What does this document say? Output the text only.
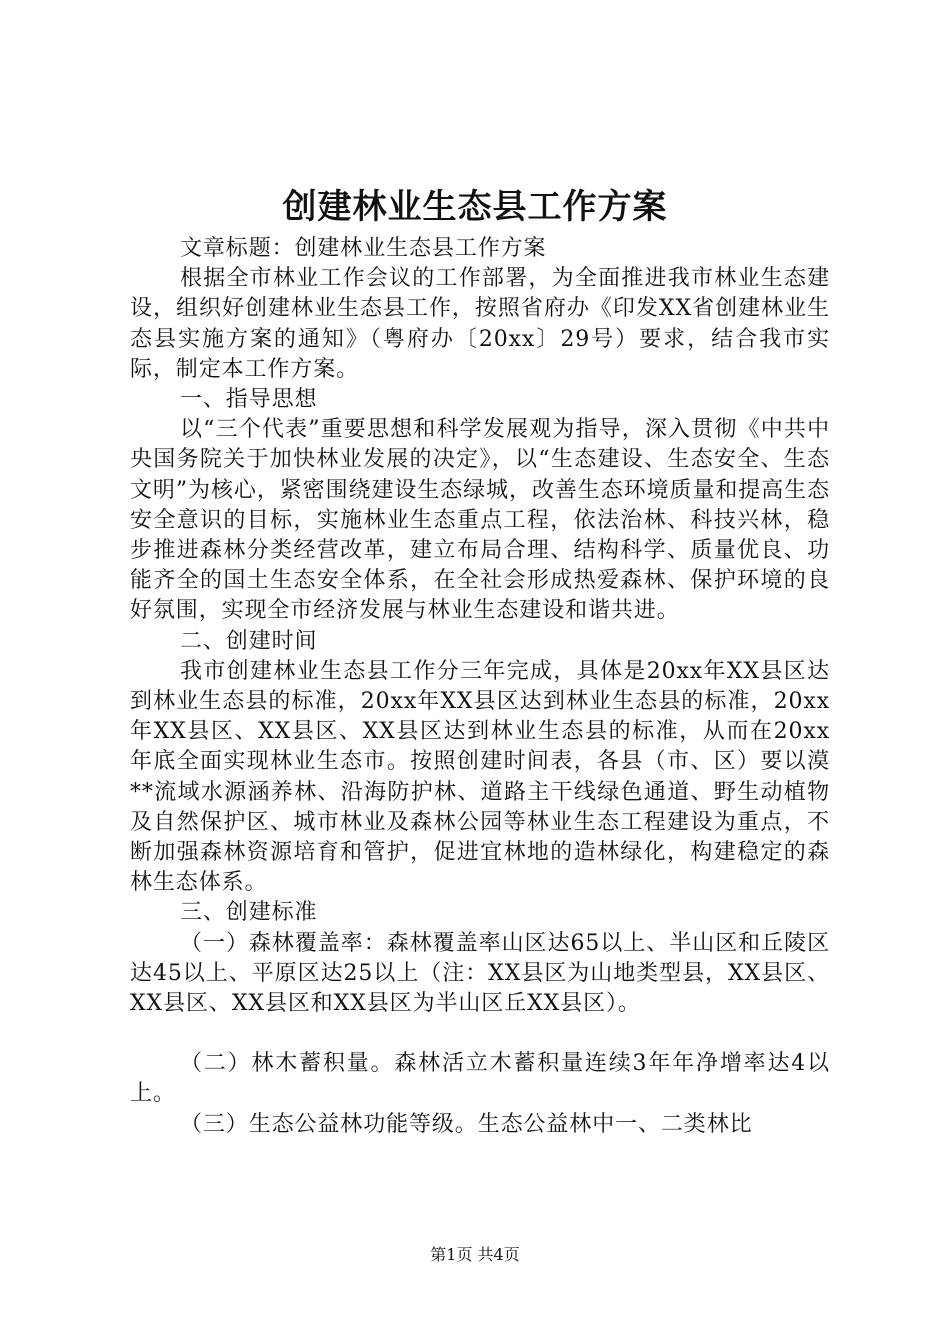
创建林业生态县工作方案

文章标题：创建林业生态县工作方案

根据全市林业工作会议的工作部署，为全面推进我市林业生态建设，组织好创建林业生态县工作，按照省府办《印发XX省创建林业生态县实施方案的通知》（粤府办〔20xx〕29号）要求，结合我市实际，制定本工作方案。

一、指导思想

以“三个代表”重要思想和科学发展观为指导，深入贯彻《中共中央国务院关于加快林业发展的决定》，以“生态建设、生态安全、生态文明”为核心，紧密围绕建设生态绿城，改善生态环境质量和提高生态安全意识的目标，实施林业生态重点工程，依法治林、科技兴林，稳步推进森林分类经营改革，建立布局合理、结构科学、质量优良、功能齐全的国土生态安全体系，在全社会形成热爱森林、保护环境的良好氛围，实现全市经济发展与林业生态建设和谐共进。

二、创建时间

我市创建林业生态县工作分三年完成，具体是20xx年XX县区达到林业生态县的标准，20xx年XX县区达到林业生态县的标准，20xx年XX县区、XX县区、XX县区达到林业生态县的标准，从而在20xx年底全面实现林业生态市。按照创建时间表，各县（市、区）要以漠**流域水源涵养林、沿海防护林、道路主干线绿色通道、野生动植物及自然保护区、城市林业及森林公园等林业生态工程建设为重点，不断加强森林资源培育和管护，促进宜林地的造林绿化，构建稳定的森林生态体系。

三、创建标准

（一）森林覆盖率：森林覆盖率山区达65以上、半山区和丘陵区达45以上、平原区达25以上（注：XX县区为山地类型县，XX县区、XX县区、XX县区和XX县区为半山区丘XX县区）。

（二）林木蓄积量。森林活立木蓄积量连续3年年净增率达4以上。

（三）生态公益林功能等级。生态公益林中一、二类林比

第1页 共4页
